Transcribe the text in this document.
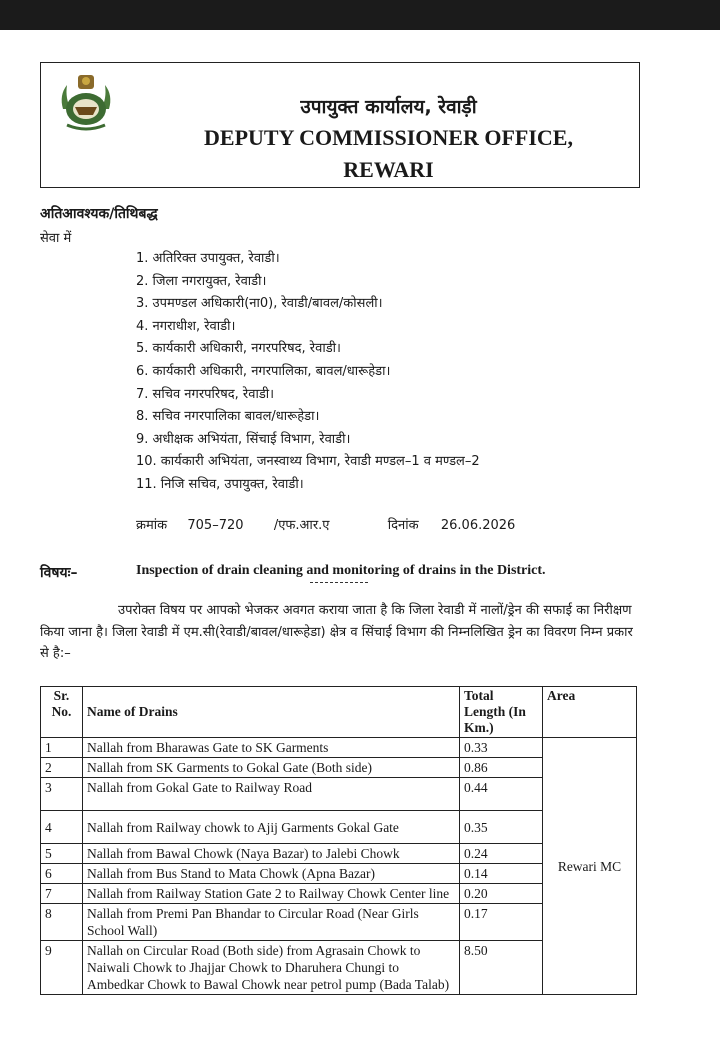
उपायुक्त कार्यालय, रेवाड़ी
DEPUTY COMMISSIONER OFFICE,
REWARI
अतिआवश्यक/तिथिबद्ध
सेवा में
1. अतिरिक्त उपायुक्त, रेवाडी।
2. जिला नगरायुक्त, रेवाडी।
3. उपमण्डल अधिकारी(ना0), रेवाडी/बावल/कोसली।
4. नगराधीश, रेवाडी।
5. कार्यकारी अधिकारी, नगरपरिषद, रेवाडी।
6. कार्यकारी अधिकारी, नगरपालिका, बावल/धारूहेडा।
7. सचिव नगरपरिषद, रेवाडी।
8. सचिव नगरपालिका बावल/धारूहेडा।
9. अधीक्षक अभियंता, सिंचाई विभाग, रेवाडी।
10. कार्यकारी अभियंता, जनस्वाथ्य विभाग, रेवाडी मण्डल–1 व मण्डल–2
11. निजि सचिव, उपायुक्त, रेवाडी।
क्रमांक 705–720 /एफ.आर.ए	दिनांक 26.06.2026
विषयः–	Inspection of drain cleaning and monitoring of drains in the District.
उपरोक्त विषय पर आपको भेजकर अवगत कराया जाता है कि जिला रेवाडी में नालों/ड्रेन की सफाई का निरीक्षण किया जाना है। जिला रेवाडी में एम.सी(रेवाडी/बावल/धारूहेडा) क्षेत्र व सिंचाई विभाग की निम्नलिखित ड्रेन का विवरण निम्न प्रकार से है:–
Sr. No.	Name of Drains	Total Length (In Km.)	Area
1	Nallah from Bharawas Gate to SK Garments	0.33	Rewari MC
2	Nallah from SK Garments to Gokal Gate (Both side)	0.86	
3	Nallah from Gokal Gate to Railway Road	0.44	
4	Nallah from Railway chowk to Ajij Garments Gokal Gate	0.35	
5	Nallah from Bawal Chowk (Naya Bazar) to Jalebi Chowk	0.24	
6	Nallah from Bus Stand to Mata Chowk (Apna Bazar)	0.14	
7	Nallah from Railway Station Gate 2 to Railway Chowk Center line	0.20	
8	Nallah from Premi Pan Bhandar to Circular Road (Near Girls School Wall)	0.17	
9	Nallah on Circular Road (Both side) from Agrasain Chowk to Naiwali Chowk to Jhajjar Chowk to Dharuhera Chungi to Ambedkar Chowk to Bawal Chowk near petrol pump (Bada Talab)	8.50	
